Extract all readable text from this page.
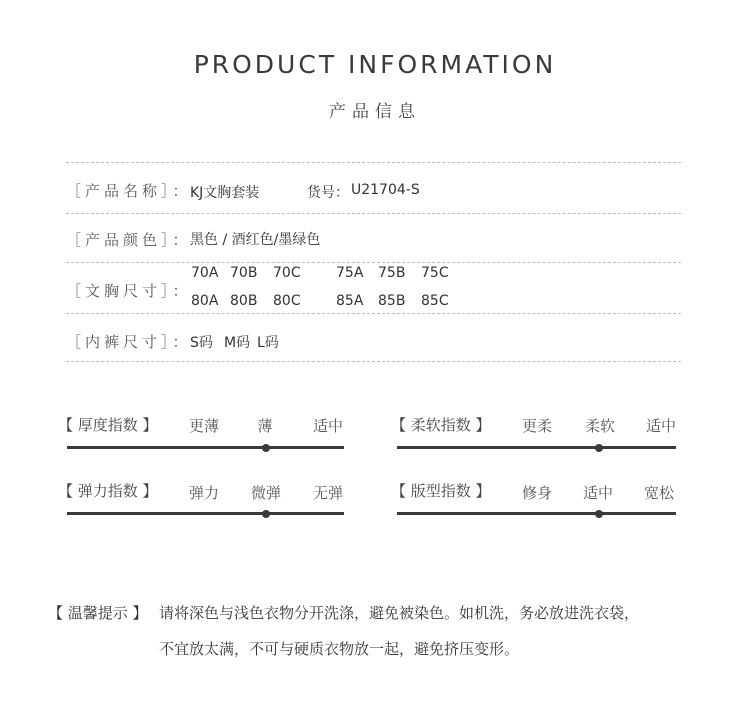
PRODUCT INFORMATION
产品信息
［产品名称］：
KJ文胸套装	货号： U21704-S
［产品颜色］：
黑色 / 酒红色/墨绿色
［文胸尺寸］：
70A 70B 70C	75A 75B 75C
80A 80B 80C	85A 85B 85C
［内裤尺寸］：
S码 M码 L码
【 厚度指数 】	更薄	薄	适中	【 柔软指数 】	更柔	柔软	适中
【 弹力指数 】	弹力	微弹	无弹	【 版型指数 】	修身	适中	宽松
【 温馨提示 】 请将深色与浅色衣物分开洗涤，避免被染色。如机洗，务必放进洗衣袋，
不宜放太满，不可与硬质衣物放一起，避免挤压变形。
